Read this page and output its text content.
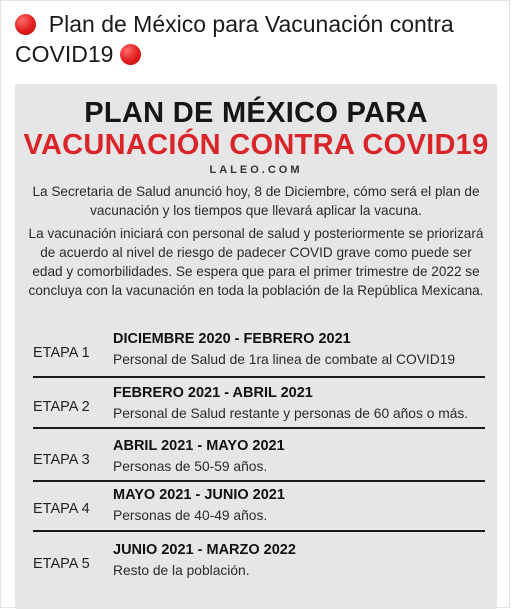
Plan de México para Vacunación contra COVID19
PLAN DE MÉXICO PARA
VACUNACIÓN CONTRA COVID19
LALEO.COM
La Secretaria de Salud anunció hoy, 8 de Diciembre, cómo será el plan de vacunación y los tiempos que llevará aplicar la vacuna.
La vacunación iniciará con personal de salud y posteriormente se priorizará de acuerdo al nivel de riesgo de padecer COVID grave como puede ser edad y comorbilidades. Se espera que para el primer trimestre de 2022 se concluya con la vacunación en toda la población de la República Mexicana.
ETAPA 1
DICIEMBRE 2020 - FEBRERO 2021
Personal de Salud de 1ra linea de combate al COVID19
ETAPA 2
FEBRERO 2021 - ABRIL 2021
Personal de Salud restante y personas de 60 años o más.
ETAPA 3
ABRIL 2021 - MAYO 2021
Personas de 50-59 años.
ETAPA 4
MAYO 2021 - JUNIO 2021
Personas de 40-49 años.
ETAPA 5
JUNIO 2021 - MARZO 2022
Resto de la población.
